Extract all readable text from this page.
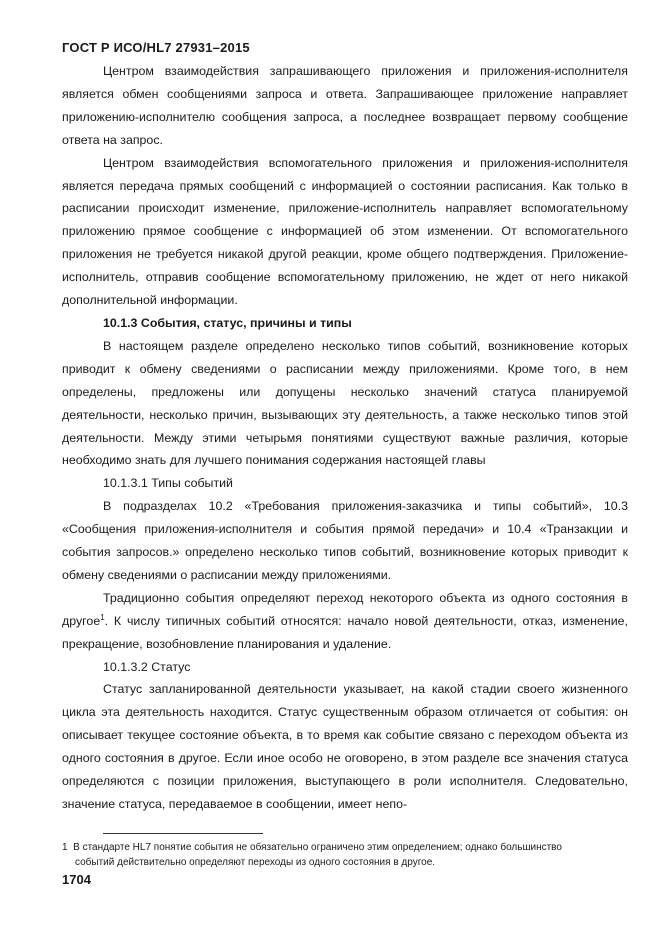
ГОСТ Р ИСО/HL7 27931–2015

Центром взаимодействия запрашивающего приложения и приложения-исполнителя является обмен сообщениями запроса и ответа. Запрашивающее приложение направляет приложению-исполнителю сообщения запроса, а последнее возвращает первому сообщение ответа на запрос.

Центром взаимодействия вспомогательного приложения и приложения-исполнителя является передача прямых сообщений с информацией о состоянии расписания. Как только в расписании происходит изменение, приложение-исполнитель направляет вспомогательному приложению прямое сообщение с информацией об этом изменении. От вспомогательного приложения не требуется никакой другой реакции, кроме общего подтверждения. Приложение-исполнитель, отправив сообщение вспомогательному приложению, не ждет от него никакой дополнительной информации.

10.1.3 События, статус, причины и типы

В настоящем разделе определено несколько типов событий, возникновение которых приводит к обмену сведениями о расписании между приложениями. Кроме того, в нем определены, предложены или допущены несколько значений статуса планируемой деятельности, несколько причин, вызывающих эту деятельность, а также несколько типов этой деятельности. Между этими четырьмя понятиями существуют важные различия, которые необходимо знать для лучшего понимания содержания настоящей главы

10.1.3.1 Типы событий

В подразделах 10.2 «Требования приложения-заказчика и типы событий», 10.3 «Сообщения приложения-исполнителя и события прямой передачи» и 10.4 «Транзакции и события запросов.» определено несколько типов событий, возникновение которых приводит к обмену сведениями о расписании между приложениями.

Традиционно события определяют переход некоторого объекта из одного состояния в другое$^1$. К числу типичных событий относятся: начало новой деятельности, отказ, изменение, прекращение, возобновление планирования и удаление.

10.1.3.2 Статус

Статус запланированной деятельности указывает, на какой стадии своего жизненного цикла эта деятельность находится. Статус существенным образом отличается от события: он описывает текущее состояние объекта, в то время как событие связано с переходом объекта из одного состояния в другое. Если иное особо не оговорено, в этом разделе все значения статуса определяются с позиции приложения, выступающего в роли исполнителя. Следовательно, значение статуса, передаваемое в сообщении, имеет непо-

1 В стандарте HL7 понятие события не обязательно ограничено этим определением; однако большинство
событий действительно определяют переходы из одного состояния в другое.
1704
